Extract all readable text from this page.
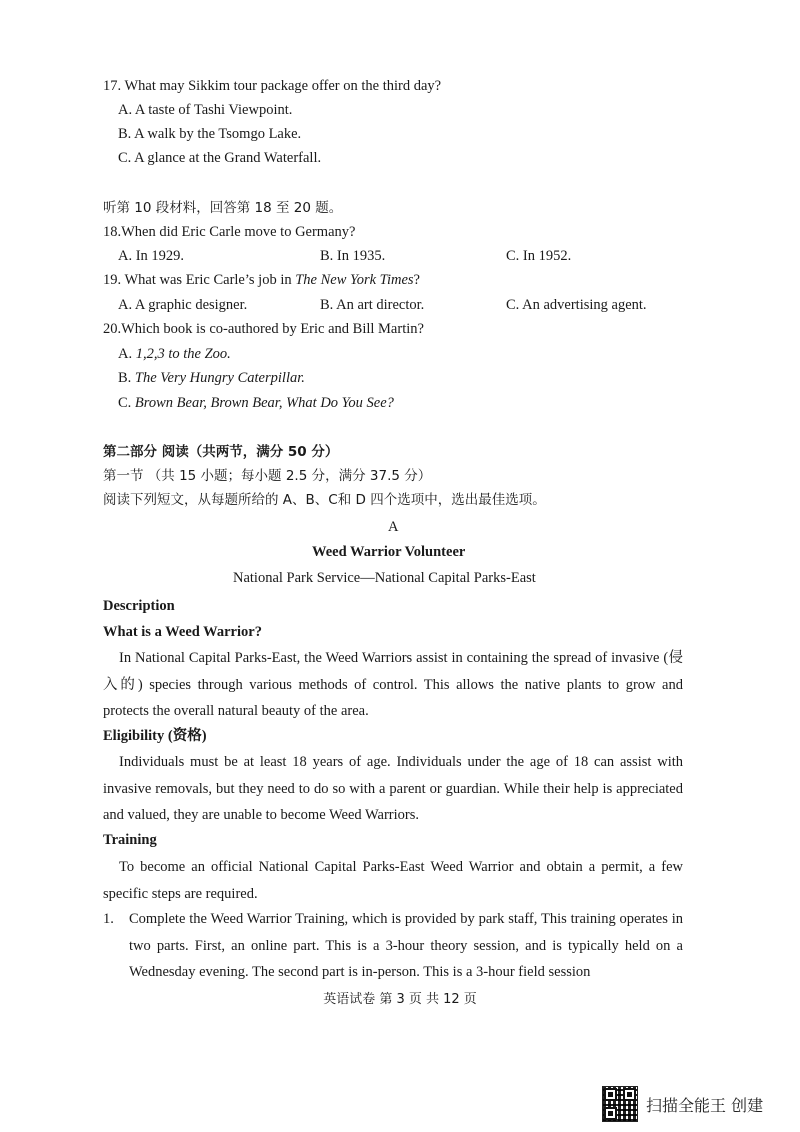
17. What may Sikkim tour package offer on the third day?
A. A taste of Tashi Viewpoint.
B. A walk by the Tsomgo Lake.
C. A glance at the Grand Waterfall.
听第 10 段材料，回答第 18 至 20 题。
18.When did Eric Carle move to Germany?
A. In 1929.	B. In 1935.	C. In 1952.
19. What was Eric Carle’s job in The New York Times?
A. A graphic designer.	B. An art director.	C. An advertising agent.
20.Which book is co-authored by Eric and Bill Martin?
A. 1,2,3 to the Zoo.
B. The Very Hungry Caterpillar.
C. Brown Bear, Brown Bear, What Do You See?
第二部分 阅读（共两节，满分 50 分）
第一节 （共 15 小题；每小题 2.5 分，满分 37.5 分）
阅读下列短文，从每题所给的 A、B、C和 D 四个选项中，选出最佳选项。
A
Weed Warrior Volunteer
National Park Service—National Capital Parks-East
Description
What is a Weed Warrior?
In National Capital Parks-East, the Weed Warriors assist in containing the spread of invasive (侵入的) species through various methods of control. This allows the native plants to grow and protects the overall natural beauty of the area.
Eligibility (资格)
Individuals must be at least 18 years of age. Individuals under the age of 18 can assist with invasive removals, but they need to do so with a parent or guardian. While their help is appreciated and valued, they are unable to become Weed Warriors.
Training
To become an official National Capital Parks-East Weed Warrior and obtain a permit, a few specific steps are required.
1. Complete the Weed Warrior Training, which is provided by park staff, This training operates in two parts. First, an online part. This is a 3-hour theory session, and is typically held on a Wednesday evening. The second part is in-person. This is a 3-hour field session
英语试卷 第 3 页 共 12 页
扫描全能王 创建
